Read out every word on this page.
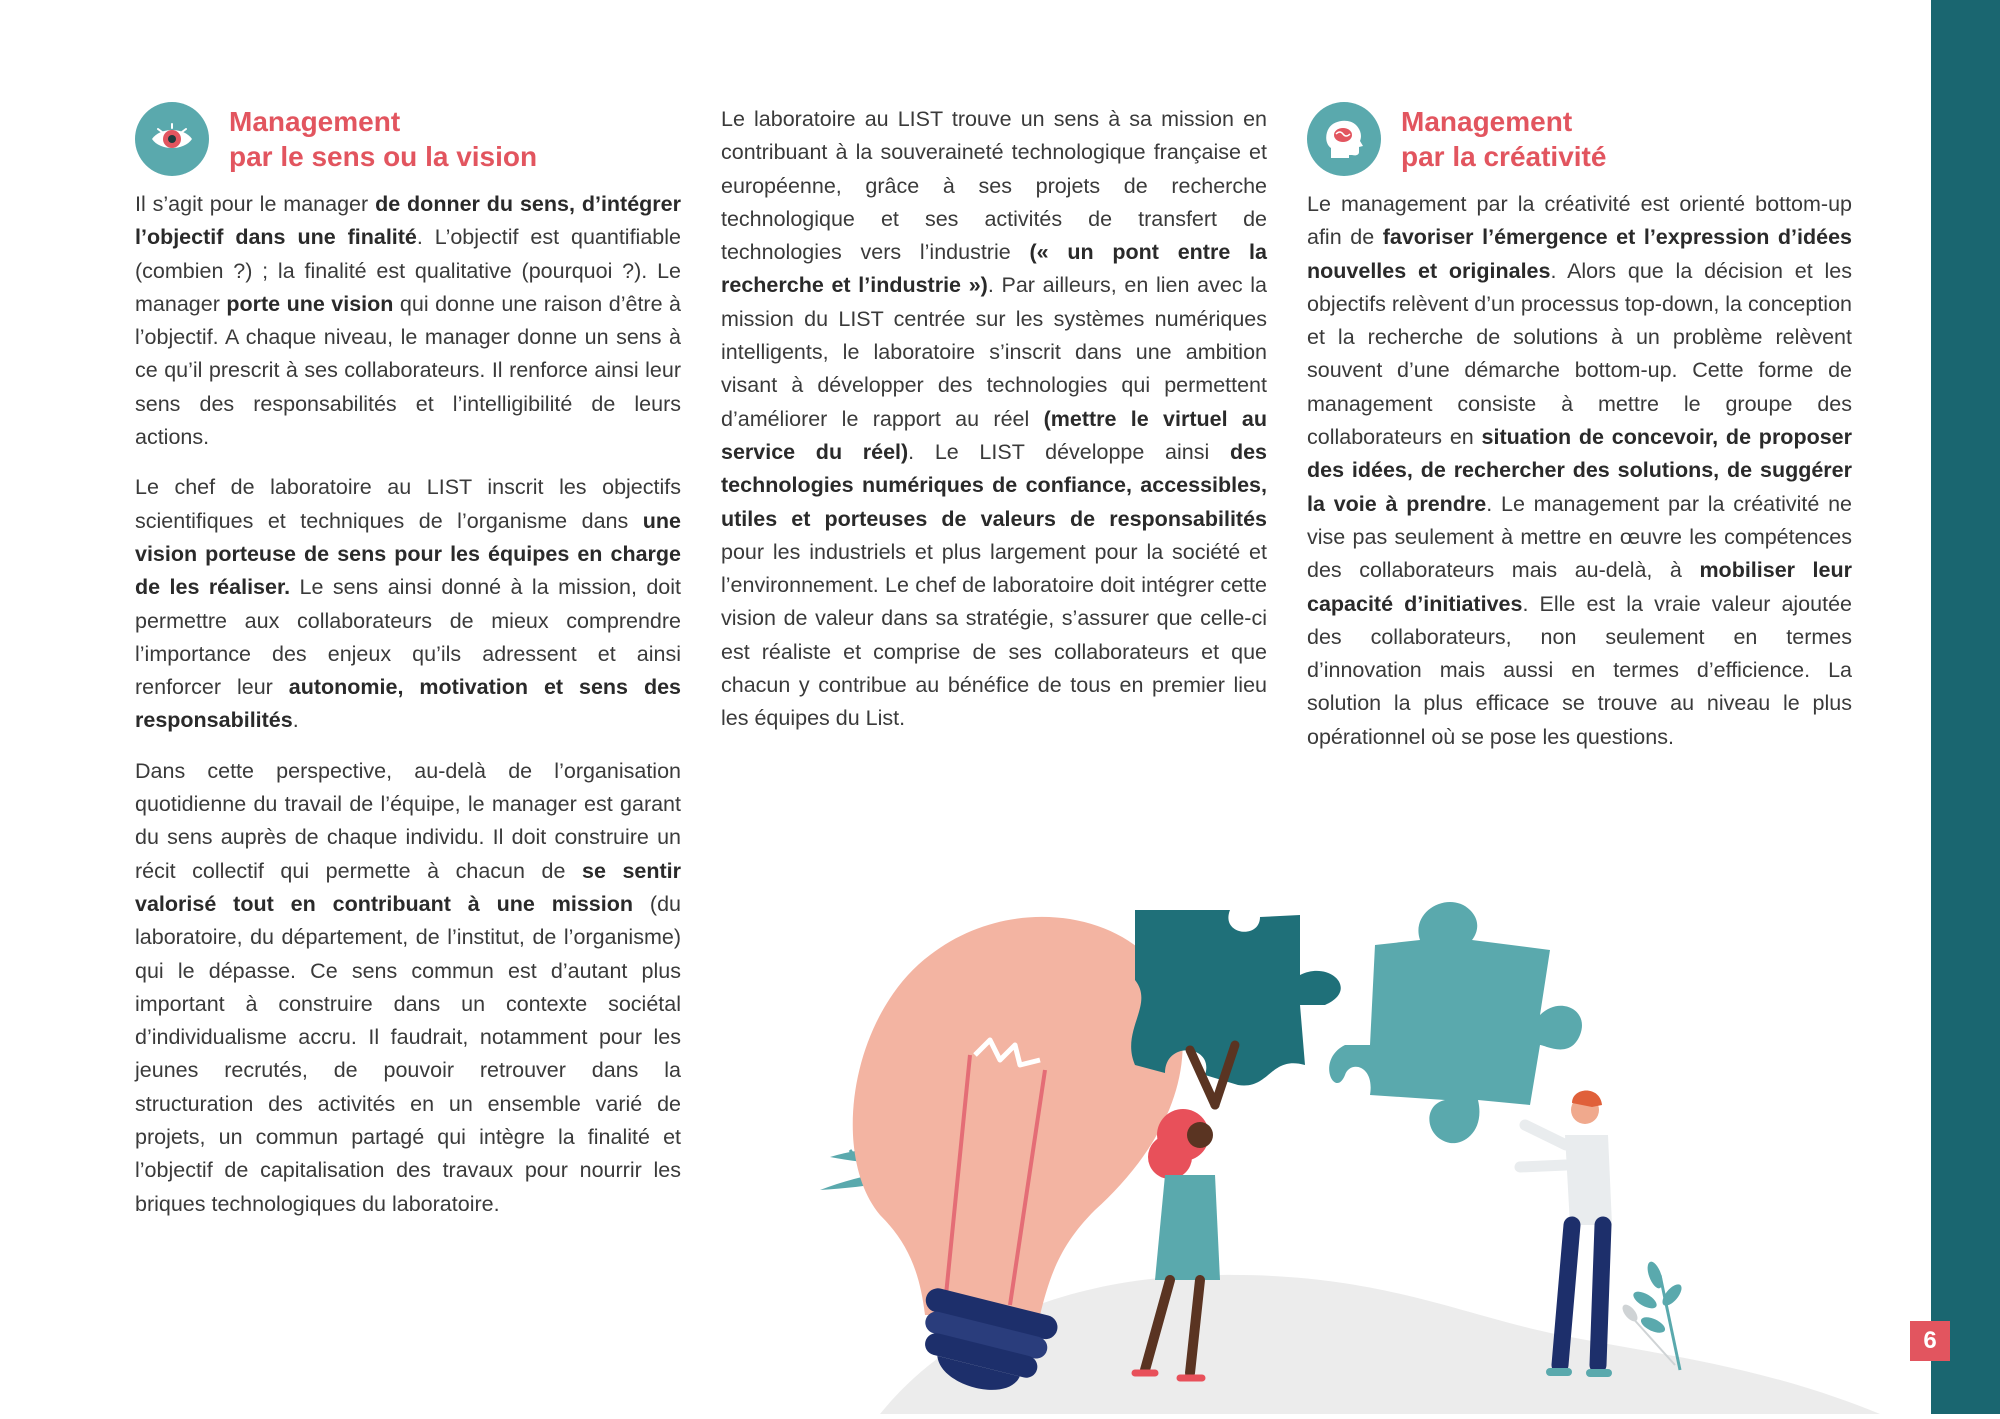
Management
par le sens ou la vision

Il s’agit pour le manager de donner du sens, d’intégrer l’objectif dans une finalité. L’objectif est quantifiable (combien ?) ; la finalité est qualitative (pourquoi ?). Le manager porte une vision qui donne une raison d’être à l’objectif. A chaque niveau, le manager donne un sens à ce qu’il prescrit à ses collaborateurs. Il renforce ainsi leur sens des responsabilités et l’intelligibilité de leurs actions.

Le chef de laboratoire au LIST inscrit les objectifs scientifiques et techniques de l’organisme dans une vision porteuse de sens pour les équipes en charge de les réaliser. Le sens ainsi donné à la mission, doit permettre aux collaborateurs de mieux comprendre l’importance des enjeux qu’ils adressent et ainsi renforcer leur autonomie, motivation et sens des responsabilités.

Dans cette perspective, au-delà de l’organisation quotidienne du travail de l’équipe, le manager est garant du sens auprès de chaque individu. Il doit construire un récit collectif qui permette à chacun de se sentir valorisé tout en contribuant à une mission (du laboratoire, du département, de l’institut, de l’organisme) qui le dépasse. Ce sens commun est d’autant plus important à construire dans un contexte sociétal d’individualisme accru. Il faudrait, notamment pour les jeunes recrutés, de pouvoir retrouver dans la structuration des activités en un ensemble varié de projets, un commun partagé qui intègre la finalité et l’objectif de capitalisation des travaux pour nourrir les briques technologiques du laboratoire.

Le laboratoire au LIST trouve un sens à sa mission en contribuant à la souveraineté technologique française et européenne, grâce à ses projets de recherche technologique et ses activités de transfert de technologies vers l’industrie (« un pont entre la recherche et l’industrie »). Par ailleurs, en lien avec la mission du LIST centrée sur les systèmes numériques intelligents, le laboratoire s’inscrit dans une ambition visant à développer des technologies qui permettent d’améliorer le rapport au réel (mettre le virtuel au service du réel). Le LIST développe ainsi des technologies numériques de confiance, accessibles, utiles et porteuses de valeurs de responsabilités pour les industriels et plus largement pour la société et l’environnement. Le chef de laboratoire doit intégrer cette vision de valeur dans sa stratégie, s’assurer que celle-ci est réaliste et comprise de ses collaborateurs et que chacun y contribue au bénéfice de tous en premier lieu les équipes du List.

Management
par la créativité

Le management par la créativité est orienté bottom-up afin de favoriser l’émergence et l’expression d’idées nouvelles et originales. Alors que la décision et les objectifs relèvent d’un processus top-down, la conception et la recherche de solutions à un problème relèvent souvent d’une démarche bottom-up. Cette forme de management consiste à mettre le groupe des collaborateurs en situation de concevoir, de proposer des idées, de rechercher des solutions, de suggérer la voie à prendre. Le management par la créativité ne vise pas seulement à mettre en œuvre les compétences des collaborateurs mais au-delà, à mobiliser leur capacité d’initiatives. Elle est la vraie valeur ajoutée des collaborateurs, non seulement en termes d’innovation mais aussi en termes d’efficience. La solution la plus efficace se trouve au niveau le plus opérationnel où se pose les questions.

6
